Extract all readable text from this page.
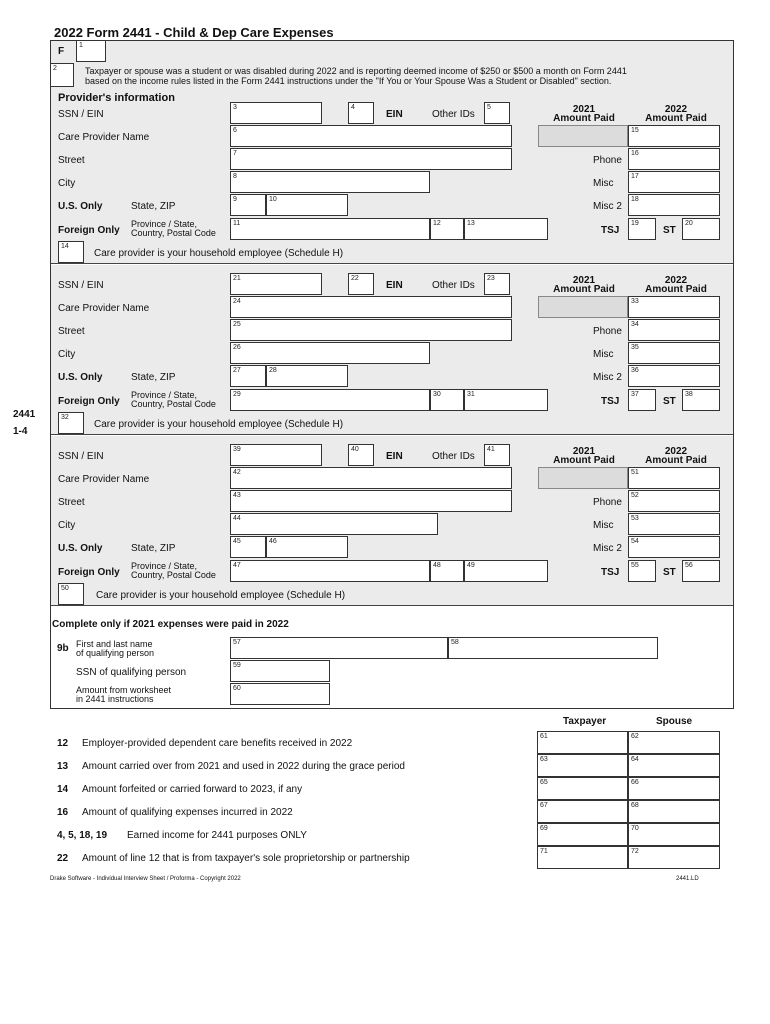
2022 Form 2441 - Child & Dep Care Expenses
F
1
2	Taxpayer or spouse was a student or was disabled during 2022 and is reporting deemed income of $250 or $500 a month on Form 2441
based on the income rules listed in the Form 2441 instructions under the "If You or Your Spouse Was a Student or Disabled" section.
Provider's information
SSN / EIN
3	4
EIN	Other IDs
5	2021
Amount Paid
2022
Amount Paid
Care Provider Name
6	15
Street
7
Phone
16
City
8
Misc
17
U.S. Only	State, ZIP
9	10
Misc 2
18
Foreign Only
Province / State,
Country, Postal Code
11	12	13
TSJ
19
ST
20
14
Care provider is your household employee (Schedule H)
SSN / EIN
21	22
EIN	Other IDs
23	2021
Amount Paid
2022
Amount Paid
Care Provider Name
24	33
Street
25
Phone
34
City
26
Misc
35
U.S. Only	State, ZIP
27	28
Misc 2
36
Foreign Only
Province / State,
Country, Postal Code
29	30	31
TSJ
37
ST
38
32
Care provider is your household employee (Schedule H)
SSN / EIN
39	40
EIN	Other IDs
41	2021
Amount Paid
2022
Amount Paid
Care Provider Name
42	51
Street
43
Phone
52
City
44
Misc
53
U.S. Only	State, ZIP
45	46
Misc 2
54
Foreign Only
Province / State,
Country, Postal Code
47	48	49
TSJ
55
ST
56
50
Care provider is your household employee (Schedule H)
2441
1-4
Complete only if 2021 expenses were paid in 2022
9b First and last name
of qualifying person
57	58
SSN of qualifying person
59
Amount from worksheet
in 2441 instructions
60
Taxpayer	Spouse
12 Employer-provided dependent care benefits received in 2022
61	62
13 Amount carried over from 2021 and used in 2022 during the grace period
63	64
14 Amount forfeited or carried forward to 2023, if any
65	66
16 Amount of qualifying expenses incurred in 2022
67	68
4, 5, 18, 19 Earned income for 2441 purposes ONLY
69	70
22 Amount of line 12 that is from taxpayer's sole proprietorship or partnership
71	72
Drake Software - Individual Interview Sheet / Proforma - Copyright 2022	2441.LD
